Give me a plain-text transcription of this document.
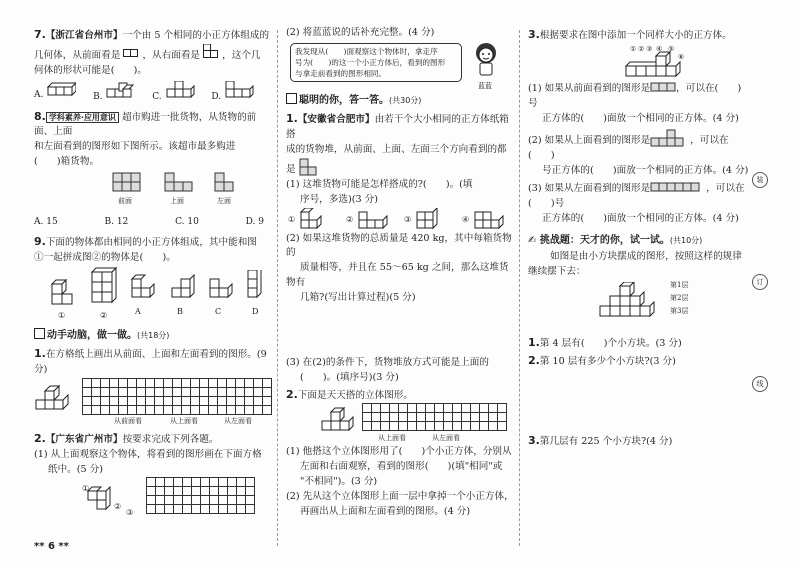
7.【浙江省台州市】一个由 5 个相同的小正方体组成的
几何体，从前面看是 ，从右面看是 ，这个几
何体的形状可能是(　　)。

A.	B.	C.	D.

8. 学科素养·应用意识 超市购进一批货物，从货物的前面、上面
和左面看到的图形如下图所示。该超市最多购进
(　　)箱货物。

前面	上面	左面
A. 15	B. 12	C. 10	D. 9

9.下面的物体都由相同的小正方体组成，其中能和图
①一起拼成图②的物体是(　　)。

①	②	A	B	C	D
动手动脑，做一做。(共18分)

1.在方格纸上画出从前面、上面和左面看到的图形。(9 分)

从前面看	从上面看	从左面看

2.【广东省广州市】按要求完成下列各题。

(1) 从上面观察这个物体，将看到的图形画在下面方格
纸中。(5 分)

①
②
③

(2) 将蓝蓝说的话补充完整。(4 分)

我发现从(　　)面观察这个物体时，拿走序
号为(　　)的这一个小正方体后，看到的图形
与拿走前看到的图形相同。
蓝蓝
聪明的你，答一答。(共30分)

1.【安徽省合肥市】由若干个大小相同的正方体纸箱搭
成的货物堆，从前面、上面、左面三个方向看到的都
是

(1) 这堆货物可能是怎样搭成的?(　　)。(填
序号，多选)(3 分)

①	②	③	④

(2) 如果这堆货物的总质量是 420 kg，其中每箱货物的
质量相等，并且在 55～65 kg 之间，那么这堆货物有
几箱?(写出计算过程)(5 分)

(3) 在(2)的条件下，货物堆放方式可能是上面的
(　　)。(填序号)(3 分)

2.下面是天天搭的立体图形。

从上面看	从左面看

(1) 他搭这个立体图形用了(　　)个小正方体，分别从
左面和右面观察，看到的图形(　　)(填"相同"或
"不相同")。(3 分)

(2) 先从这个立体图形上面一层中拿掉一个小正方体，
再画出从上面和左面看到的图形。(4 分)

3.根据要求在图中添加一个同样大小的正方体。

① ② ③ ④ ⑤
⑥

(1) 如果从前面看到的图形是	，可以在(　　)号
正方体的(　　)面放一个相同的正方体。(4 分)

(2) 如果从上面看到的图形是	，可以在(　　)
号正方体的(　　)面放一个相同的正方体。(4 分)

(3) 如果从左面看到的图形是	，可以在(　　)号
正方体的(　　)面放一个相同的正方体。(4 分)

✍ 挑战题：天才的你，试一试。(共10分)

如图是由小方块摆成的图形，按照这样的规律
继续摆下去：

第1层
第2层
第3层

1.第 4 层有(　　)个小方块。(3 分)

2.第 10 层有多少个小方块?(3 分)

3.第几层有 225 个小方块?(4 分)

装
订
线
** 6 **
